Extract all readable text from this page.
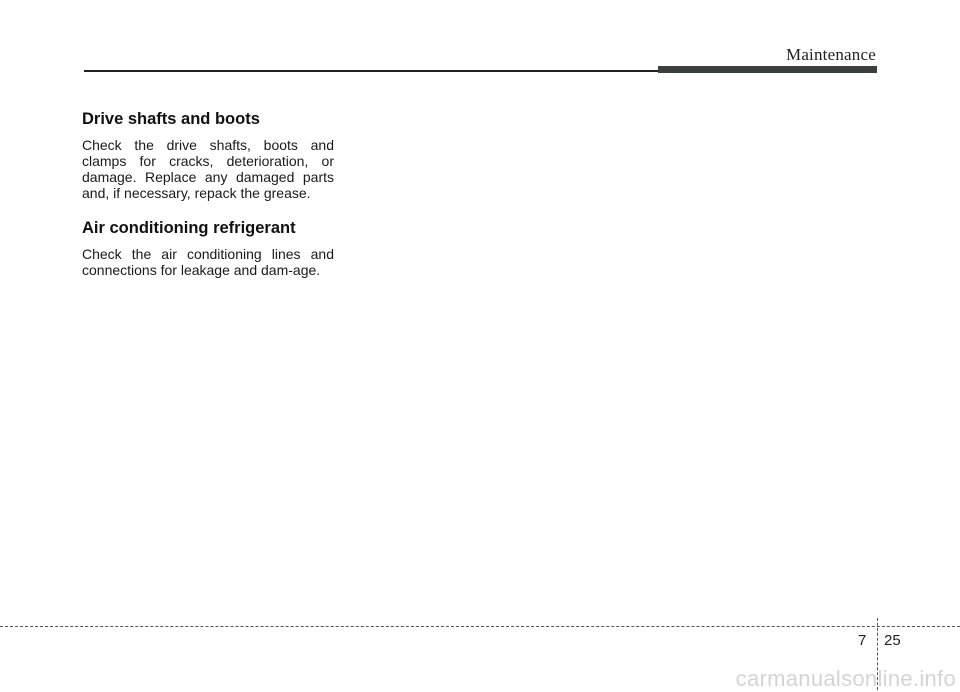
Maintenance
Drive shafts and boots

Check the drive shafts, boots and clamps for cracks, deterioration, or damage. Replace any damaged parts and, if necessary, repack the grease.

Air conditioning refrigerant

Check the air conditioning lines and connections for leakage and dam-age.

7 25
carmanualsonline.info
